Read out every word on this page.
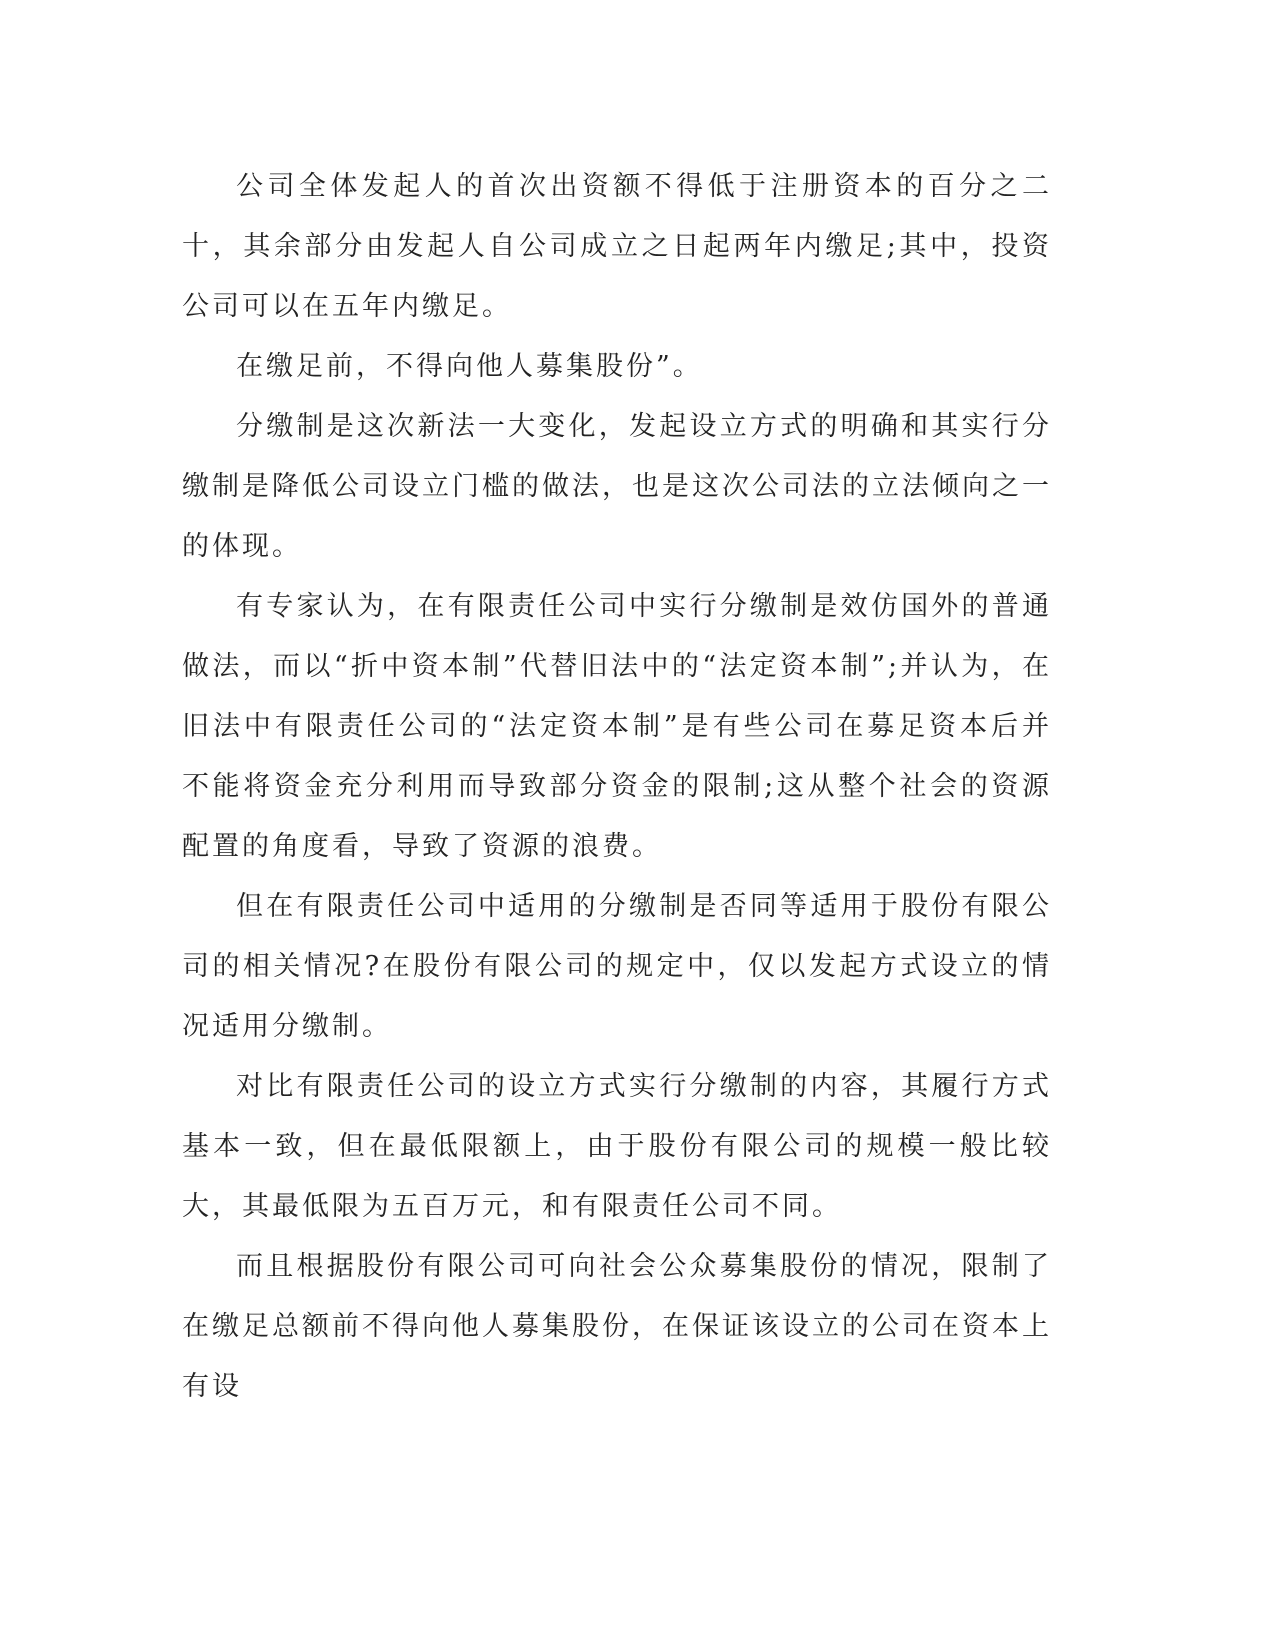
公司全体发起人的首次出资额不得低于注册资本的百分之二十，其余部分由发起人自公司成立之日起两年内缴足;其中，投资公司可以在五年内缴足。

在缴足前，不得向他人募集股份”。

分缴制是这次新法一大变化，发起设立方式的明确和其实行分缴制是降低公司设立门槛的做法，也是这次公司法的立法倾向之一的体现。

有专家认为，在有限责任公司中实行分缴制是效仿国外的普通做法，而以“折中资本制”代替旧法中的“法定资本制”;并认为，在旧法中有限责任公司的“法定资本制”是有些公司在募足资本后并不能将资金充分利用而导致部分资金的限制;这从整个社会的资源配置的角度看，导致了资源的浪费。

但在有限责任公司中适用的分缴制是否同等适用于股份有限公司的相关情况?在股份有限公司的规定中，仅以发起方式设立的情况适用分缴制。

对比有限责任公司的设立方式实行分缴制的内容，其履行方式基本一致，但在最低限额上，由于股份有限公司的规模一般比较大，其最低限为五百万元，和有限责任公司不同。

而且根据股份有限公司可向社会公众募集股份的情况，限制了在缴足总额前不得向他人募集股份，在保证该设立的公司在资本上有设
